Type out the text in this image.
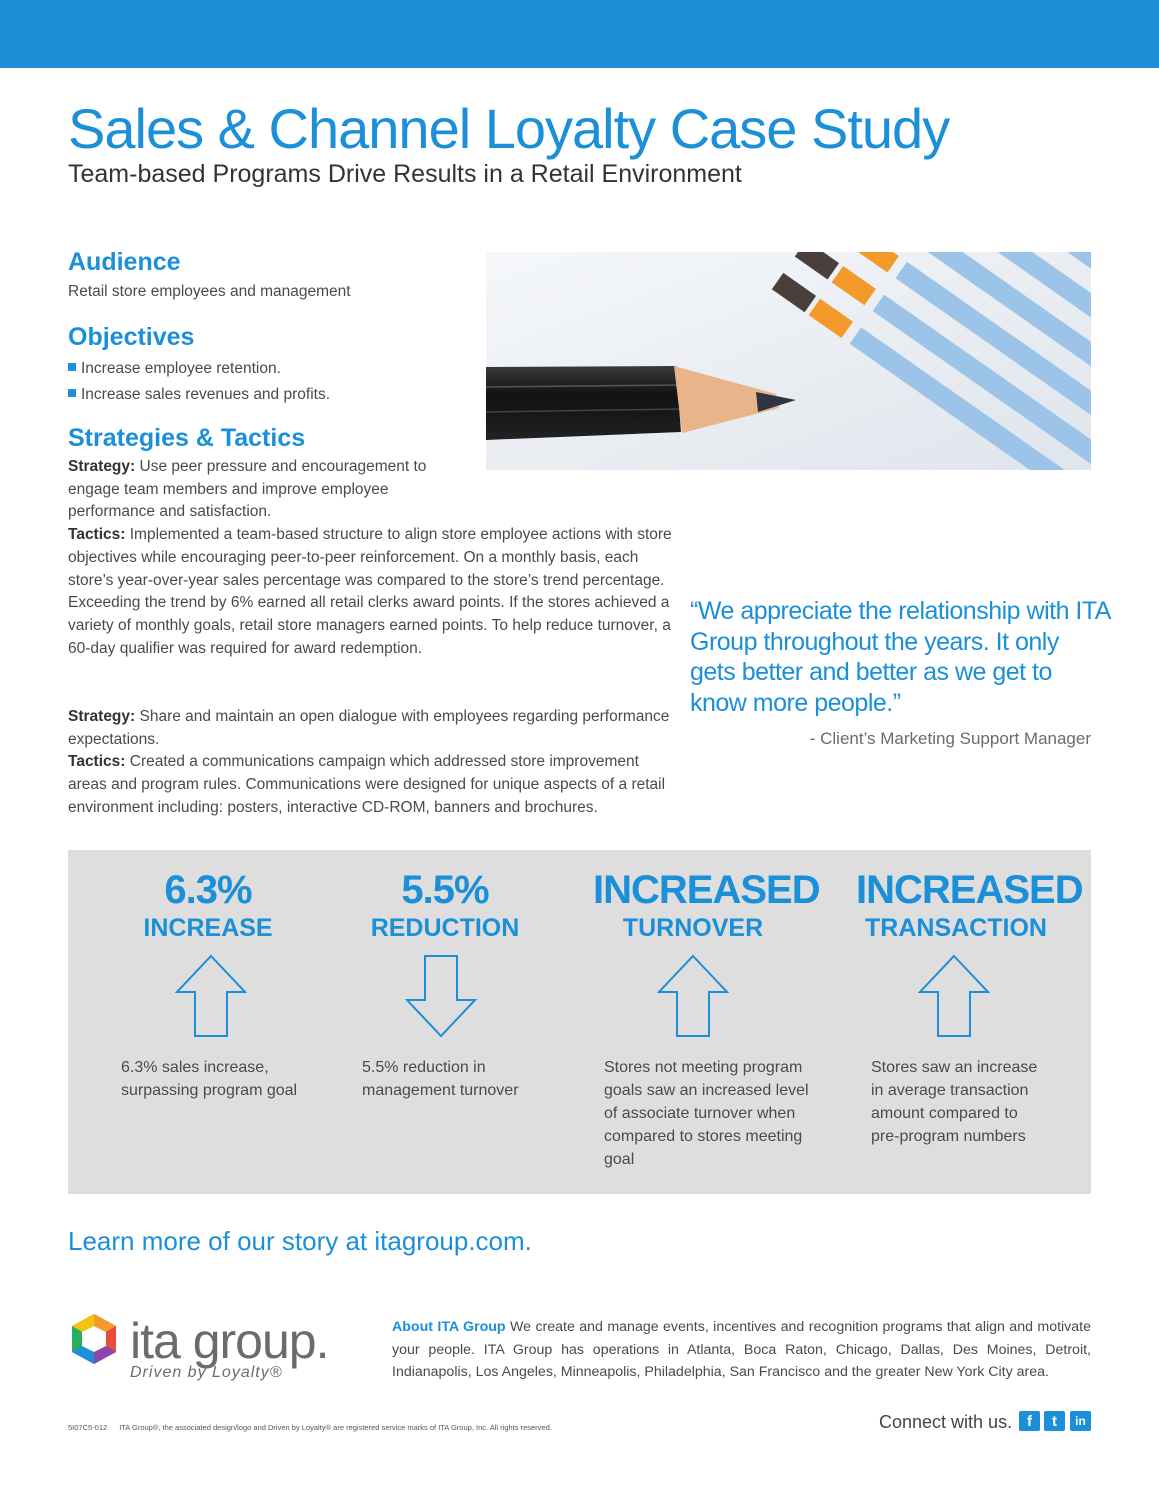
Sales & Channel Loyalty Case Study
Team-based Programs Drive Results in a Retail Environment
Audience

Retail store employees and management

Objectives
Increase employee retention.
Increase sales revenues and profits.
Strategies & Tactics

Strategy: Use peer pressure and encouragement to engage team members and improve employee performance and satisfaction.
Tactics: Implemented a team-based structure to align store employee actions with store objectives while encouraging peer-to-peer reinforcement. On a monthly basis, each store’s year-over-year sales percentage was compared to the store’s trend percentage. Exceeding the trend by 6% earned all retail clerks award points. If the stores achieved a variety of monthly goals, retail store managers earned points. To help reduce turnover, a 60-day qualifier was required for award redemption.

Strategy: Share and maintain an open dialogue with employees regarding performance expectations.
Tactics: Created a communications campaign which addressed store improvement areas and program rules. Communications were designed for unique aspects of a retail environment including: posters, interactive CD-ROM, banners and brochures.

“We appreciate the relationship with ITA Group throughout the years. It only gets better and better as we get to know more people.”

- Client’s Marketing Support Manager

6.3%
INCREASE

6.3% sales increase, surpassing program goal

5.5%
REDUCTION

5.5% reduction in management turnover

INCREASED
TURNOVER

Stores not meeting program goals saw an increased level of associate turnover when compared to stores meeting goal

INCREASED
TRANSACTION

Stores saw an increase in average transaction amount compared to pre-program numbers

Learn more of our story at itagroup.com.

ita group.
Driven by Loyalty®

About ITA Group We create and manage events, incentives and recognition programs that align and motivate your people. ITA Group has operations in Atlanta, Boca Raton, Chicago, Dallas, Des Moines, Detroit, Indianapolis, Los Angeles, Minneapolis, Philadelphia, San Francisco and the greater New York City area.

5I07C5-012 ITA Group®, the associated design/logo and Driven by Loyalty® are registered service marks of ITA Group, Inc. All rights reserved.	Connect with us. f	t	in
